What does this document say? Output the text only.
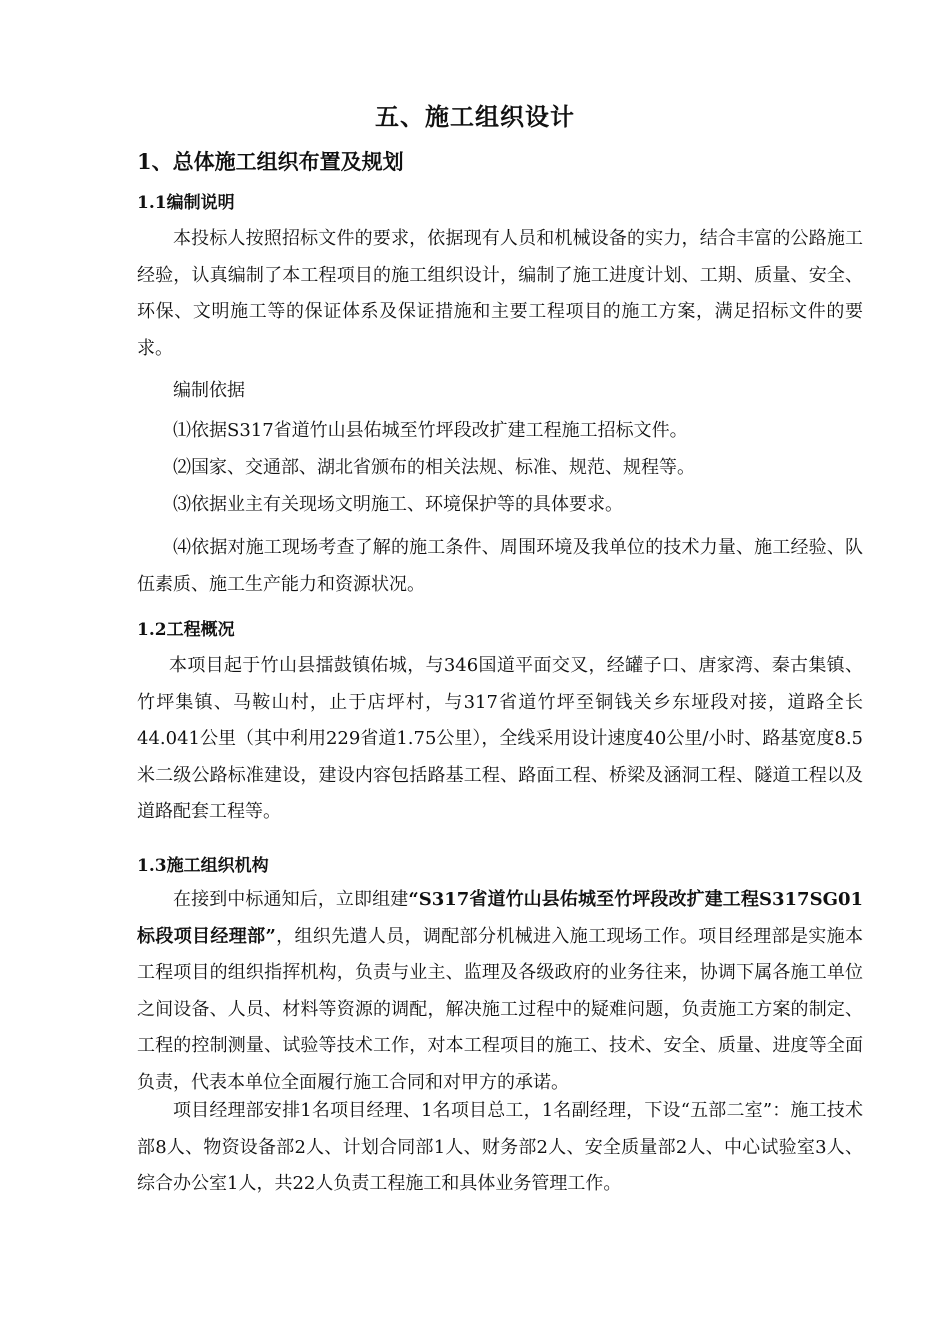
五、施工组织设计
1、总体施工组织布置及规划
1.1编制说明

本投标人按照招标文件的要求，依据现有人员和机械设备的实力，结合丰富的公路施工经验，认真编制了本工程项目的施工组织设计，编制了施工进度计划、工期、质量、安全、环保、文明施工等的保证体系及保证措施和主要工程项目的施工方案，满足招标文件的要求。

编制依据

⑴依据S317省道竹山县佑城至竹坪段改扩建工程施工招标文件。

⑵国家、交通部、湖北省颁布的相关法规、标准、规范、规程等。

⑶依据业主有关现场文明施工、环境保护等的具体要求。

⑷依据对施工现场考查了解的施工条件、周围环境及我单位的技术力量、施工经验、队伍素质、施工生产能力和资源状况。

1.2工程概况

本项目起于竹山县擂鼓镇佑城，与346国道平面交叉，经罐子口、唐家湾、秦古集镇、竹坪集镇、马鞍山村，止于店坪村，与317省道竹坪至铜钱关乡东垭段对接，道路全长44.041公里（其中利用229省道1.75公里），全线采用设计速度40公里/小时、路基宽度8.5米二级公路标准建设，建设内容包括路基工程、路面工程、桥梁及涵洞工程、隧道工程以及道路配套工程等。

1.3施工组织机构

在接到中标通知后，立即组建“S317省道竹山县佑城至竹坪段改扩建工程S317SG01标段项目经理部”，组织先遣人员，调配部分机械进入施工现场工作。项目经理部是实施本工程项目的组织指挥机构，负责与业主、监理及各级政府的业务往来，协调下属各施工单位之间设备、人员、材料等资源的调配，解决施工过程中的疑难问题，负责施工方案的制定、工程的控制测量、试验等技术工作，对本工程项目的施工、技术、安全、质量、进度等全面负责，代表本单位全面履行施工合同和对甲方的承诺。

项目经理部安排1名项目经理、1名项目总工，1名副经理，下设“五部二室”：施工技术部8人、物资设备部2人、计划合同部1人、财务部2人、安全质量部2人、中心试验室3人、综合办公室1人，共22人负责工程施工和具体业务管理工作。
